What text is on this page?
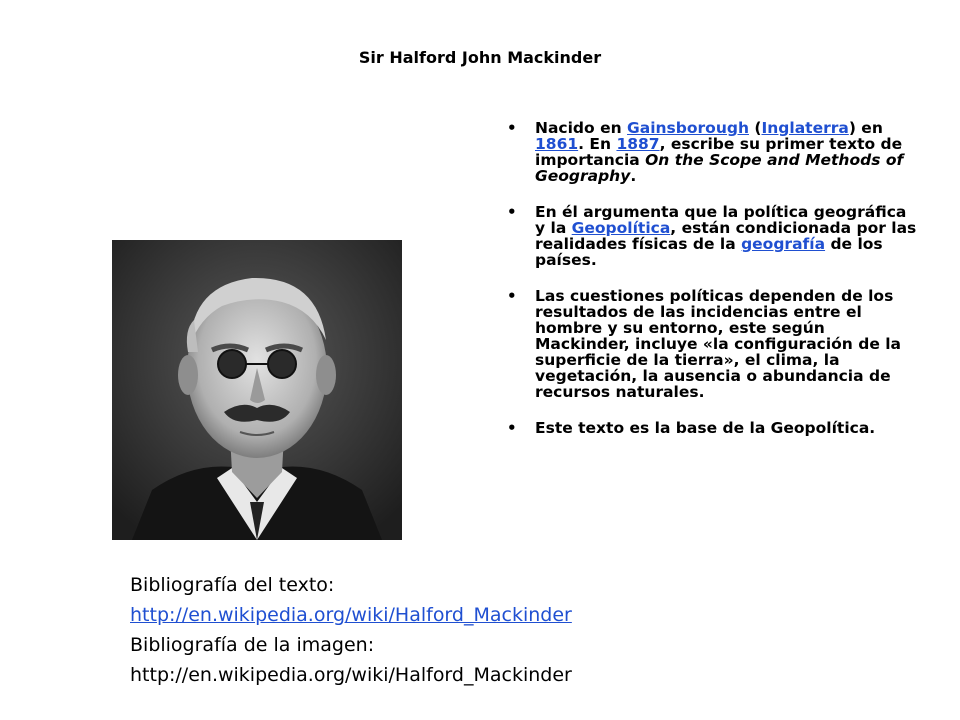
Sir Halford John Mackinder
• Nacido en Gainsborough (Inglaterra) en 1861. En 1887, escribe su primer texto de importancia On the Scope and Methods of Geography.
• En él argumenta que la política geográfica y la Geopolítica, están condicionada por las realidades físicas de la geografía de los países.
• Las cuestiones políticas dependen de los resultados de las incidencias entre el hombre y su entorno, este según Mackinder, incluye «la configuración de la superficie de la tierra», el clima, la vegetación, la ausencia o abundancia de recursos naturales.
• Este texto es la base de la Geopolítica.
Bibliografía del texto:
http://en.wikipedia.org/wiki/Halford_Mackinder
Bibliografía de la imagen:
http://en.wikipedia.org/wiki/Halford_Mackinder
